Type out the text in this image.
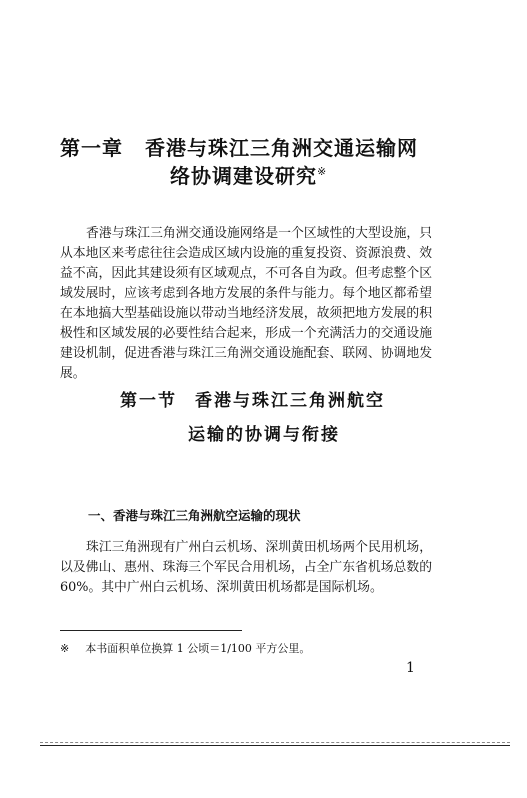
第一章 香港与珠江三角洲交通运输网
络协调建设研究※

香港与珠江三角洲交通设施网络是一个区域性的大型设施，只从本地区来考虑往往会造成区域内设施的重复投资、资源浪费、效益不高，因此其建设须有区域观点，不可各自为政。但考虑整个区域发展时，应该考虑到各地方发展的条件与能力。每个地区都希望在本地搞大型基础设施以带动当地经济发展，故须把地方发展的积极性和区域发展的必要性结合起来，形成一个充满活力的交通设施建设机制，促进香港与珠江三角洲交通设施配套、联网、协调地发展。

第一节 香港与珠江三角洲航空
运输的协调与衔接
一、香港与珠江三角洲航空运输的现状

珠江三角洲现有广州白云机场、深圳黄田机场两个民用机场，以及佛山、惠州、珠海三个军民合用机场，占全广东省机场总数的60%。其中广州白云机场、深圳黄田机场都是国际机场。

※ 本书面积单位换算 1 公顷＝1/100 平方公里。
1
